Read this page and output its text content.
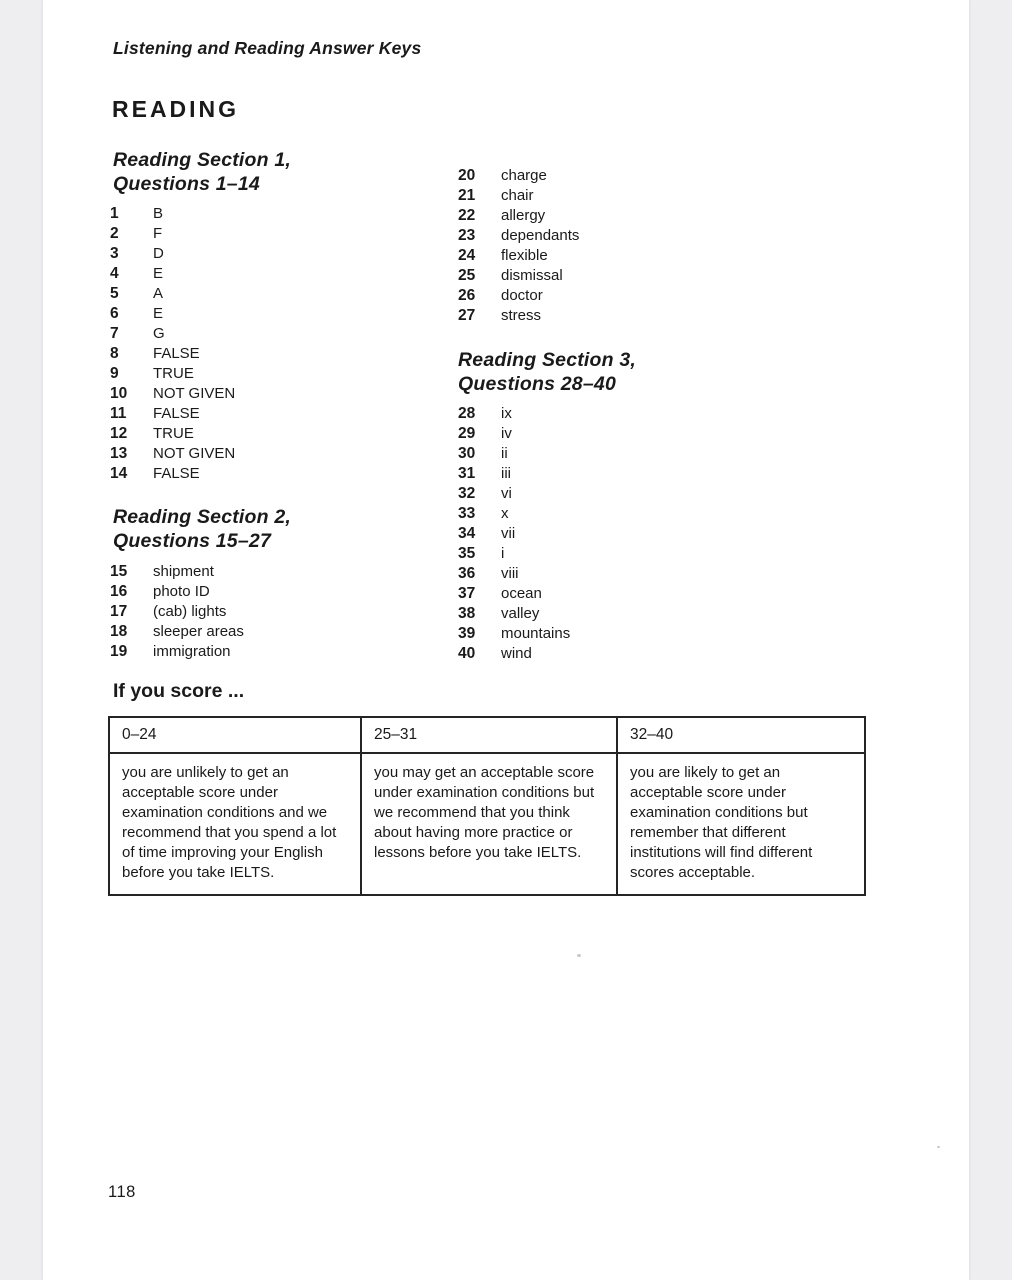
Listening and Reading Answer Keys
READING
Reading Section 1,
Questions 1–14
1 B
2 F
3 D
4 E
5 A
6 E
7 G
8 FALSE
9 TRUE
10 NOT GIVEN
11 FALSE
12 TRUE
13 NOT GIVEN
14 FALSE
Reading Section 2,
Questions 15–27
15 shipment
16 photo ID
17 (cab) lights
18 sleeper areas
19 immigration
20 charge
21 chair
22 allergy
23 dependants
24 flexible
25 dismissal
26 doctor
27 stress
Reading Section 3,
Questions 28–40
28 ix
29 iv
30 ii
31 iii
32 vi
33 x
34 vii
35 i
36 viii
37 ocean
38 valley
39 mountains
40 wind
If you score ...
0–24	25–31	32–40
you are unlikely to get an acceptable score under examination conditions and we recommend that you spend a lot of time improving your English before you take IELTS.
you may get an acceptable score under examination conditions but we recommend that you think about having more practice or lessons before you take IELTS.
you are likely to get an acceptable score under examination conditions but remember that different institutions will find different scores acceptable.
118
